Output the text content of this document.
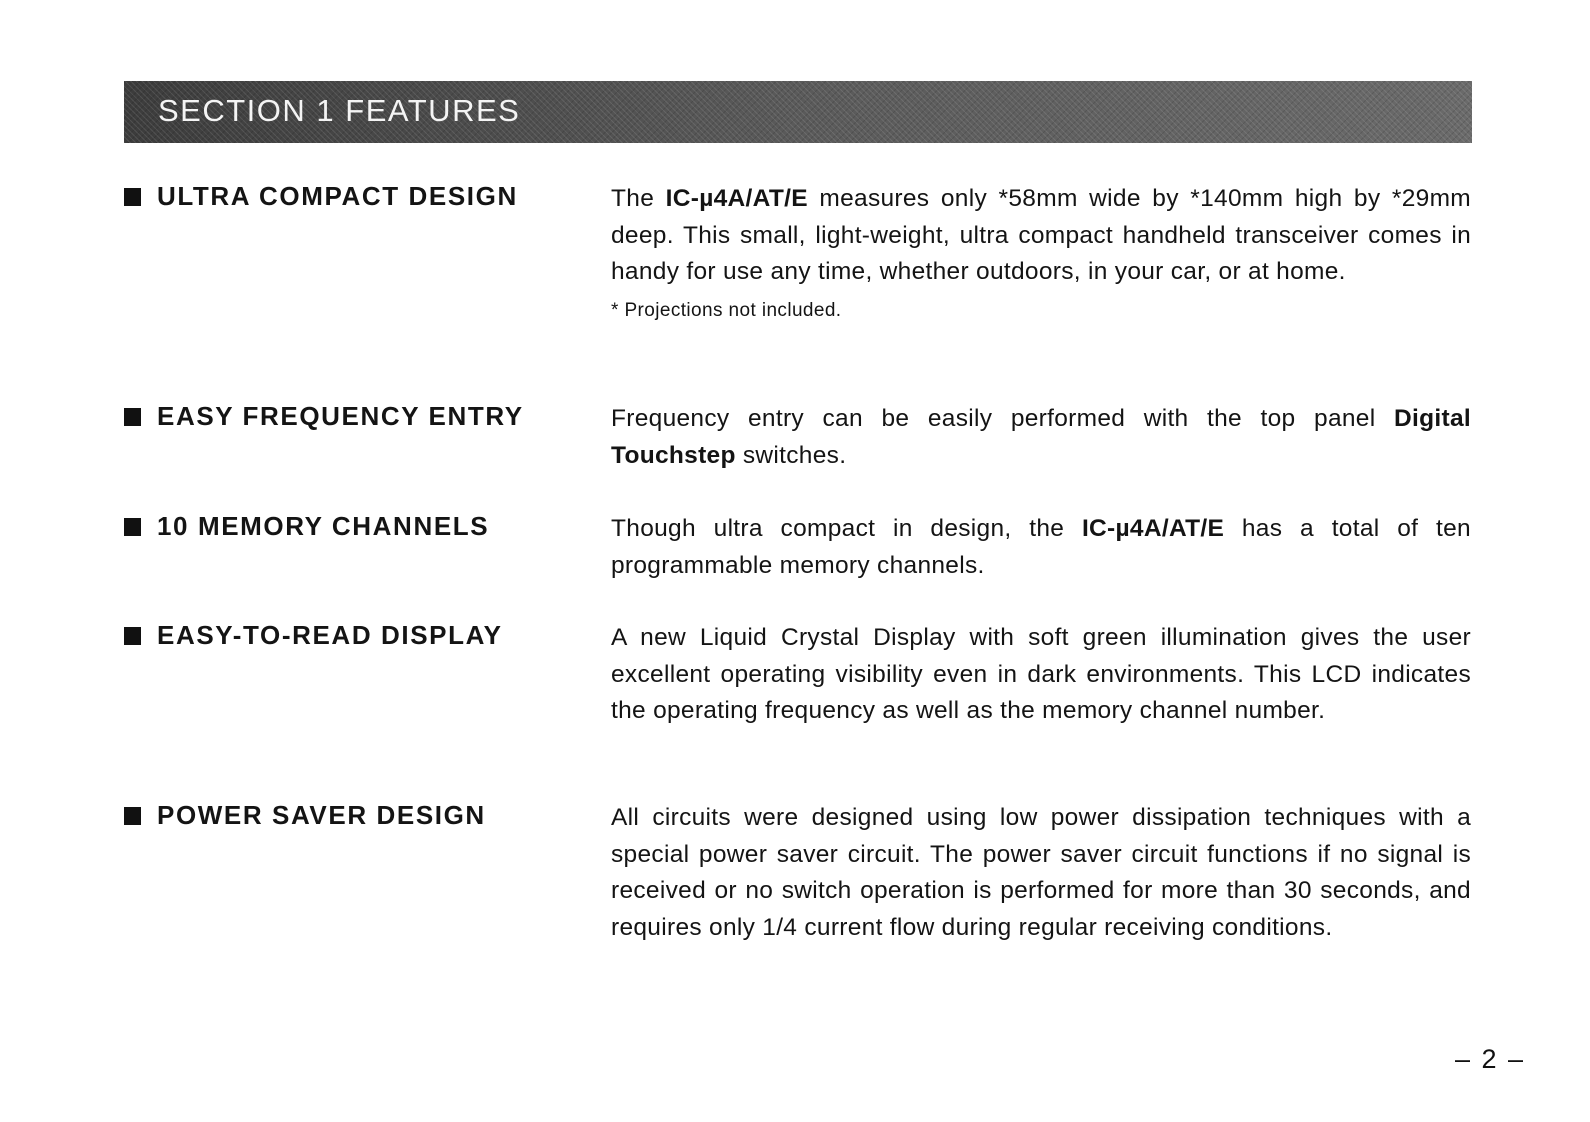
SECTION 1 FEATURES
ULTRA COMPACT DESIGN	The IC-µ4A/AT/E measures only *58mm wide by *140mm high by *29mm deep. This small, light-weight, ultra compact handheld transceiver comes in handy for use any time, whether outdoors, in your car, or at home.
* Projections not included.
EASY FREQUENCY ENTRY	Frequency entry can be easily performed with the top panel Digital Touchstep switches.
10 MEMORY CHANNELS	Though ultra compact in design, the IC-µ4A/AT/E has a total of ten programmable memory channels.
EASY-TO-READ DISPLAY	A new Liquid Crystal Display with soft green illumination gives the user excellent operating visibility even in dark environments. This LCD indicates the operating frequency as well as the memory channel number.
POWER SAVER DESIGN	All circuits were designed using low power dissipation techniques with a special power saver circuit. The power saver circuit functions if no signal is received or no switch operation is performed for more than 30 seconds, and requires only 1/4 current flow during regular receiving conditions.
– 2 –
